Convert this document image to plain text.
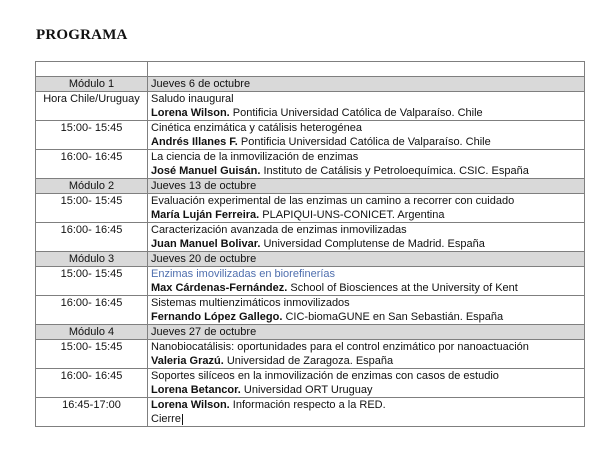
PROGRAMA

Módulo 1	Jueves 6 de octubre
Hora Chile/Uruguay	Saludo inaugural
Lorena Wilson. Pontificia Universidad Católica de Valparaíso. Chile

15:00- 15:45	Cinética enzimática y catálisis heterogénea
Andrés Illanes F. Pontificia Universidad Católica de Valparaíso. Chile

16:00- 16:45	La ciencia de la inmovilización de enzimas
José Manuel Guisán. Instituto de Catálisis y Petroloequímica. CSIC. España

Módulo 2	Jueves 13 de octubre
15:00- 15:45	Evaluación experimental de las enzimas un camino a recorrer con cuidado
María Luján Ferreira. PLAPIQUI-UNS-CONICET. Argentina

16:00- 16:45	Caracterización avanzada de enzimas inmovilizadas
Juan Manuel Bolivar. Universidad Complutense de Madrid. España

Módulo 3	Jueves 20 de octubre
15:00- 15:45	Enzimas imovilizadas en biorefinerías
Max Cárdenas-Fernández. School of Biosciences at the University of Kent

16:00- 16:45	Sistemas multienzimáticos inmovilizados
Fernando López Gallego. CIC-biomaGUNE en San Sebastián. España

Módulo 4	Jueves 27 de octubre
15:00- 15:45	Nanobiocatálisis: oportunidades para el control enzimático por nanoactuación
Valeria Grazú. Universidad de Zaragoza. España

16:00- 16:45	Soportes silíceos en la inmovilización de enzimas con casos de estudio
Lorena Betancor. Universidad ORT Uruguay

16:45-17:00	Lorena Wilson. Información respecto a la RED.
Cierre
